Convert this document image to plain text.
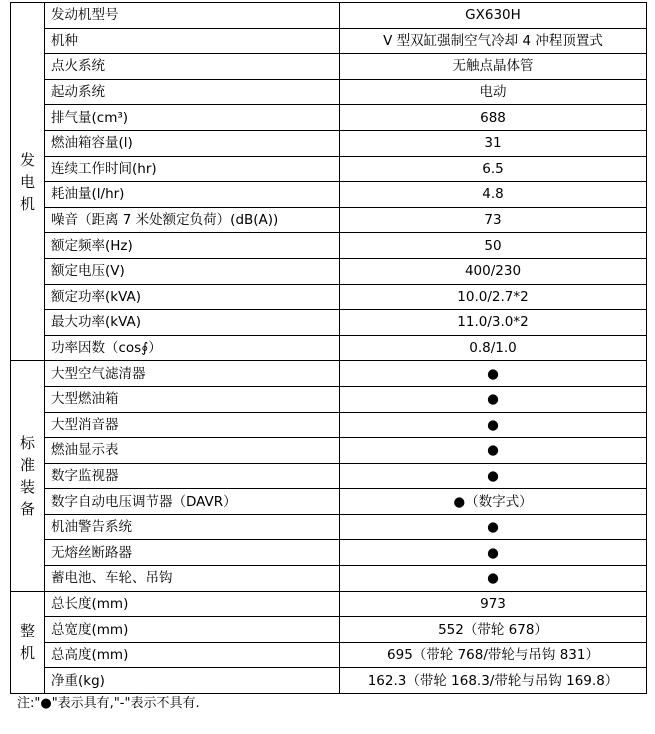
发电机	发动机型号	GX630H
	机种	V 型双缸强制空气冷却 4 冲程顶置式
	点火系统	无触点晶体管
	起动系统	电动
	排气量(cm³)	688
	燃油箱容量(l)	31
	连续工作时间(hr)	6.5
	耗油量(l/hr)	4.8
	噪音（距离 7 米处额定负荷）(dB(A))	73
	额定频率(Hz)	50
	额定电压(V)	400/230
	额定功率(kVA)	10.0/2.7*2
	最大功率(kVA)	11.0/3.0*2
	功率因数（cos∮）	0.8/1.0
标准装备	大型空气滤清器	●
	大型燃油箱	●
	大型消音器	●
	燃油显示表	●
	数字监视器	●
	数字自动电压调节器（DAVR）	●（数字式）
	机油警告系统	●
	无熔丝断路器	●
	蓄电池、车轮、吊钩	●
整机	总长度(mm)	973
	总宽度(mm)	552（带轮 678）
	总高度(mm)	695（带轮 768/带轮与吊钩 831）
	净重(kg)	162.3（带轮 168.3/带轮与吊钩 169.8）
注:"●"表示具有,"-"表示不具有.
